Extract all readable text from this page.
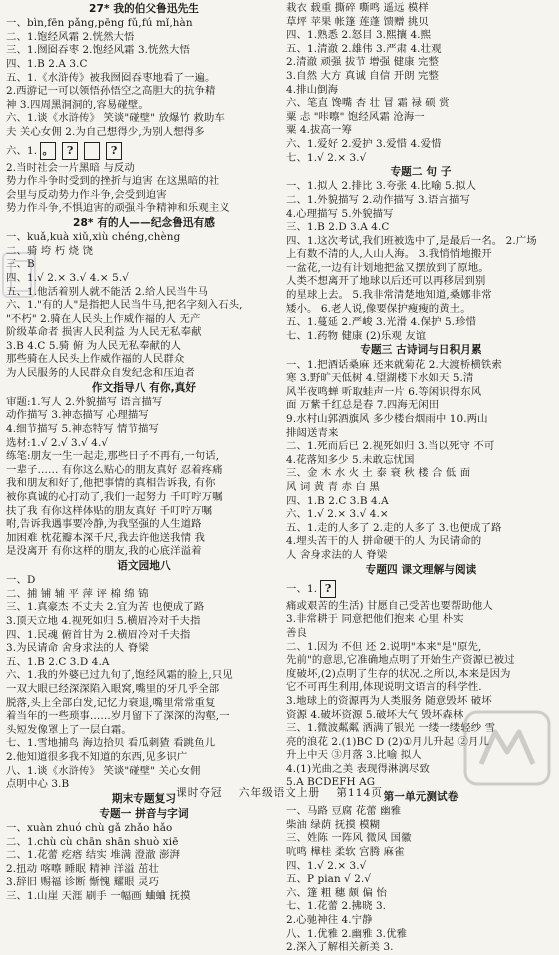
27* 我的伯父鲁迅先生
一、bìn,fēn pǎng,pēng fǔ,fú mǐ,hàn
二、1.饱经风霜 2.恍然大悟
三、1.囫囵吞枣 2.饱经风霜 3.恍然大悟
四、1.B 2.A 3.C
五、1.《水浒传》被我囫囵吞枣地看了一遍。
2.西游记一可以领悟孙悟空之高胆大的抗争精
神 3.四周黑洞洞的,容易碰壁。
六、1.谈《水浒传》 笑谈"碰壁" 放爆竹 救助车
夫 关心女佣 2.为自己想得少,为别人想得多
六、1. 。 ?	?
2.当时社会一片黑暗 与反动
势力作斗争时受到的挫折与迫害 在这黑暗的社
会里与反动势力作斗争,会受到迫害
势力作斗争,不惧迫害的顽强斗争精神和乐观主义
28* 有的人——纪念鲁迅有感
一、kuǎ,kuà xiǔ,xiù chéng,chèng
二、骑 垮 朽 烧 饶
三、B
四、1.√ 2.× 3.√ 4.× 5.√
五、1.他活着别人就不能活 2.给人民当牛马
六、1."有的人"是指把人民当牛马,把名字刻入石头,
"不朽" 2.骑在人民头上作威作福的人 无产
阶级革命者 损害人民利益 为人民无私奉献
3.B 4.C 5.骑 俯 为人民无私奉献的人
那些骑在人民头上作威作福的人民群众
为人民服务的人民群众自发纪念和压迫者
作文指导八 有你,真好
审题:1.写人 2.外貌描写 语言描写
动作描写 3.神态描写 心理描写
4.细节描写 5.神态特写 情节描写
选材:1.√ 2.√ 3.√ 4.√
练笔:朋友一生一起走,那些日子不再有,一句话,
一辈子…… 有你这么贴心的朋友真好 忍着疼痛
我和朋友和好了,他把事情的真相告诉我, 有你
被你真诚的心打动了,我们一起努力 千叮咛万嘱
扶了我 有你这样体贴的朋友真好 千叮咛万嘱
咐,告诉我遇事要冷静,为我坚强的人生道路
加困难 枕花瓣本深千尺,我去许他送我情 我
是没离开 有你这样的朋友,我的心底洋溢着
语文园地八
一、D
二、捕 铺 辅 平 萍 评 棉 绵 锦
三、1.真豪杰 不丈夫 2.宜为苦 也便成了路
3.顶天立地 4.视死如归 5.横眉冷对千夫指
四、1.民魂 俯首甘为 2.横眉冷对千夫指
3.为民请命 舍身求法的人 脊梁
五、1.B 2.C 3.D 4.A
六、1.我的外婆已过九旬了,饱经风霜的脸上,只见
一双大眼已经深深陷入眼窝,嘴里的牙几乎全部
脱落,头上全部白发,记忆力衰退,嘴里常常重复
着当年的一些琐事……岁月留下了深深的沟壑,一
头短发像罩上了一层白霜。
七、1.雪地捕鸟 海边拾贝 看瓜刺猹 看跳鱼儿
2.他知道很多我不知道的东西,见多识广
八、1.谈《水浒传》 笑谈"碰壁" 关心女佣
点明中心 3.B
期末专题复习
专题一 拼音与字词
一、xuàn zhuó chù gǎ zhǎo hǎo
二、1.chù cù chān shān shuò xiē
二、1.花蕾 疙瘩 结实 堆满 澄澈 澎湃
2.扭动 喀嚓 睡眠 精神 洋溢 茁壮
3.辞旧 赐福 诊断 惭愧 耀眼 灵巧
三、1.山崖 天涯 刷手 一幅画 蛐蛐 抚摸
栽衣 载重 撕碎 嘶鸣 遥远 模样
草坪 苹果 帐篷 莲蓬 馈赠 挑贝
四、1.熟悉 2.怒目 3.熙攘 4.熙
五、1.清澈 2.雄伟 3.严肃 4.壮观
2.清澈 顽强 拔节 增强 健康 完整
3.自然 大方 真诚 自信 开朗 完整
4.排山倒海
六、笔直 馋嘴 杏 壮 冒 霜 禄 硕 赏
粟 忐 "咔嚓" 饱经风霜 沧海一
粟 4.拔高一筹
六、1.爱好 2.爱护 3.爱惜 4.爱惜
七、1.√ 2.× 3.√
专题二 句 子
一、1.拟人 2.排比 3.夸张 4.比喻 5.拟人
二、1.外貌描写 2.动作描写 3.语言描写
4.心理描写 5.外貌描写
三、1.B 2.D 3.A 4.C
四、1.这次考试,我们班被选中了,是最后一名。 2.广场
上有数不清的人,人山人海。 3.我悄悄地搬开
一盆花,一边有计划地把盆又摆放到了原地。
人类不想离开了地球以后还可以再移居到别
的星球上去。 5.我非常清楚地知道,桑娜非常
矮小。 6.老人说,像要保护瘦瘦的黄土。
五、1.蔓延 2.严峻 3.光滑 4.保护 5.珍惜
七、1.药物 健康 (2)乐观 友谊
专题三 古诗词与日积月累
一、1.把酒话桑麻 还来就菊花 2.大渡桥横铁索
寒 3.野旷天低树 4.望湖楼下水如天 5.清
风半夜鸣蝉 听取蛙声一片 6.等闲识得东风
面 万紫千红总是春 7.四海无闲田
9.水村山郭酒旗风 多少楼台烟雨中 10.两山
排闼送青来
二、1.死而后已 2.视死如归 3.当以死守 不可
4.花落知多少 5.未敢忘忧国
三、金 木 水 火 土 泰 衰 秋 楼 合 低 面
风 词 黄 青 赤 白 黑
四、1.B 2.C 3.B 4.A
六、1.√ 2.× 3.√ 4.×
五、1.走的人多了 2.走的人多了 3.也便成了路
4.埋头苦干的人 拼命硬干的人 为民请命的
人 舍身求法的人 脊梁
专题四 课文理解与阅读
一、1. ?
痛或艰苦的生活) 甘愿自己受苦也要帮助他人
3.非常耕于 同意把他们抱来 心里 朴实
善良
二、1.因为 不但 还 2.说明"本来"是"原先,
先前"的意思,它准确地点明了开始生产资源已被过
度破坏,(2)点明了生存的状况.之所以,本来是因为
它不可再生利用,体现说明文语言的科学性.
3.地球上的资源再为人类服务 随意毁坏 破坏
资源 4.破坏资源 5.破坏大气 毁坏森林
三、1.微波粼粼 洒满了银光 一缕一缕轻纱 雪
亮的浪花 2.(1)BC D (2)①月儿升起 ②月儿
升上中天 ③月落 3.比喻 拟人
4.(1)光曲之美 表现得淋漓尽致
5.A BCDEFH AG
第一单元测试卷
一、马路 豆腐 花蕾 幽雅
柴油 绿荫 抚摸 模糊
三、姓陈 一阵风 微风 国徽
吭鸣 樺桂 柔软 宫腾 麻雀
四、1.√ 2.× 3.√
五、P pian √ 2.√
六、篷 粗 穗 颇 偏 怡
七、1.花蕾 2.拂晓 3.
2.心驰神往 4.宁静
八、1.优雅 2.幽雅 3.优雅
2.深入了解相关新美 3.
课时夺冠 六年级语文上册 第114页
